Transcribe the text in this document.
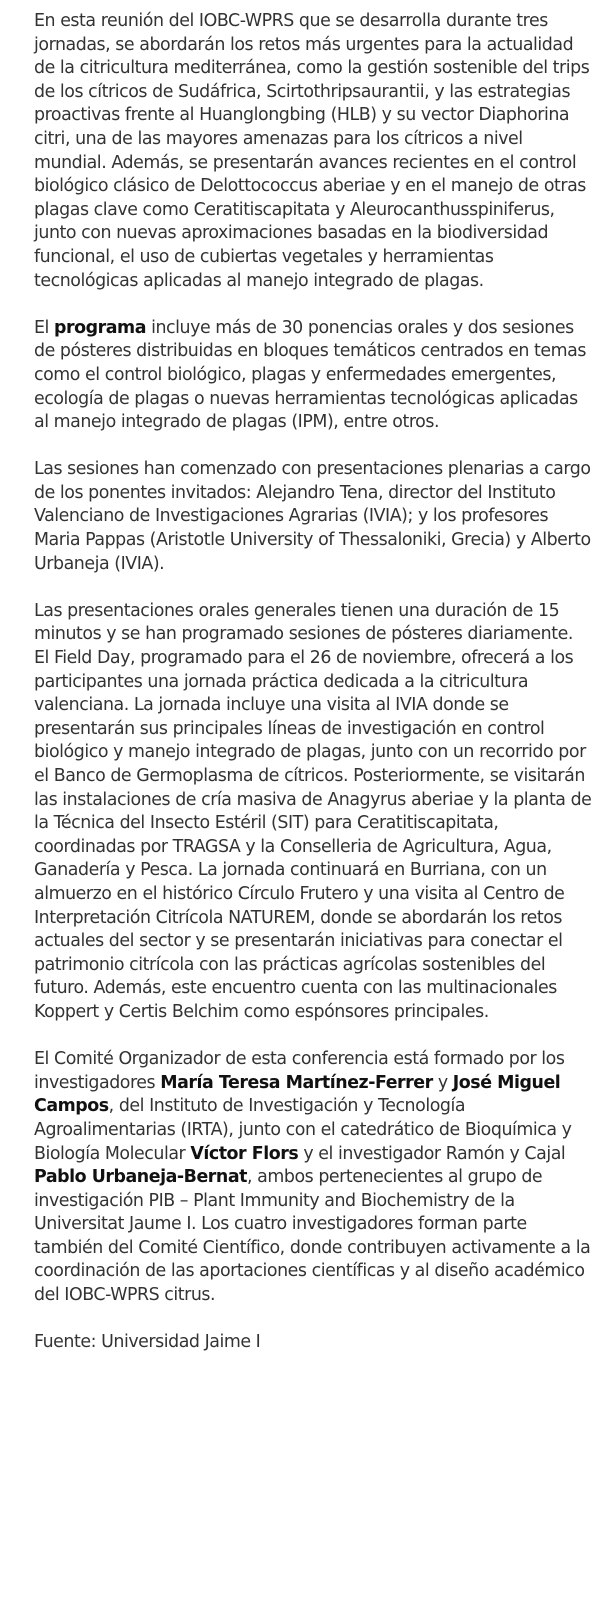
En esta reunión del IOBC-WPRS que se desarrolla durante tres jornadas, se abordarán los retos más urgentes para la actualidad de la citricultura mediterránea, como la gestión sostenible del trips de los cítricos de Sudáfrica, Scirtothripsaurantii, y las estrategias proactivas frente al Huanglongbing (HLB) y su vector Diaphorina citri, una de las mayores amenazas para los cítricos a nivel mundial. Además, se presentarán avances recientes en el control biológico clásico de Delottococcus aberiae y en el manejo de otras plagas clave como Ceratitiscapitata y Aleurocanthusspiniferus, junto con nuevas aproximaciones basadas en la biodiversidad funcional, el uso de cubiertas vegetales y herramientas tecnológicas aplicadas al manejo integrado de plagas.

El programa incluye más de 30 ponencias orales y dos sesiones de pósteres distribuidas en bloques temáticos centrados en temas como el control biológico, plagas y enfermedades emergentes, ecología de plagas o nuevas herramientas tecnológicas aplicadas al manejo integrado de plagas (IPM), entre otros.

Las sesiones han comenzado con presentaciones plenarias a cargo de los ponentes invitados: Alejandro Tena, director del Instituto Valenciano de Investigaciones Agrarias (IVIA); y los profesores Maria Pappas (Aristotle University of Thessaloniki, Grecia) y Alberto Urbaneja (IVIA).

Las presentaciones orales generales tienen una duración de 15 minutos y se han programado sesiones de pósteres diariamente. El Field Day, programado para el 26 de noviembre, ofrecerá a los participantes una jornada práctica dedicada a la citricultura valenciana. La jornada incluye una visita al IVIA donde se presentarán sus principales líneas de investigación en control biológico y manejo integrado de plagas, junto con un recorrido por el Banco de Germoplasma de cítricos. Posteriormente, se visitarán las instalaciones de cría masiva de Anagyrus aberiae y la planta de la Técnica del Insecto Estéril (SIT) para Ceratitiscapitata, coordinadas por TRAGSA y la Conselleria de Agricultura, Agua, Ganadería y Pesca. La jornada continuará en Burriana, con un almuerzo en el histórico Círculo Frutero y una visita al Centro de Interpretación Citrícola NATUREM, donde se abordarán los retos actuales del sector y se presentarán iniciativas para conectar el patrimonio citrícola con las prácticas agrícolas sostenibles del futuro. Además, este encuentro cuenta con las multinacionales Koppert y Certis Belchim como espónsores principales.

El Comité Organizador de esta conferencia está formado por los investigadores María Teresa Martínez-Ferrer y José Miguel Campos, del Instituto de Investigación y Tecnología Agroalimentarias (IRTA), junto con el catedrático de Bioquímica y Biología Molecular Víctor Flors y el investigador Ramón y Cajal Pablo Urbaneja-Bernat, ambos pertenecientes al grupo de investigación PIB – Plant Immunity and Biochemistry de la Universitat Jaume I. Los cuatro investigadores forman parte también del Comité Científico, donde contribuyen activamente a la coordinación de las aportaciones científicas y al diseño académico del IOBC-WPRS citrus.

Fuente: Universidad Jaime I
